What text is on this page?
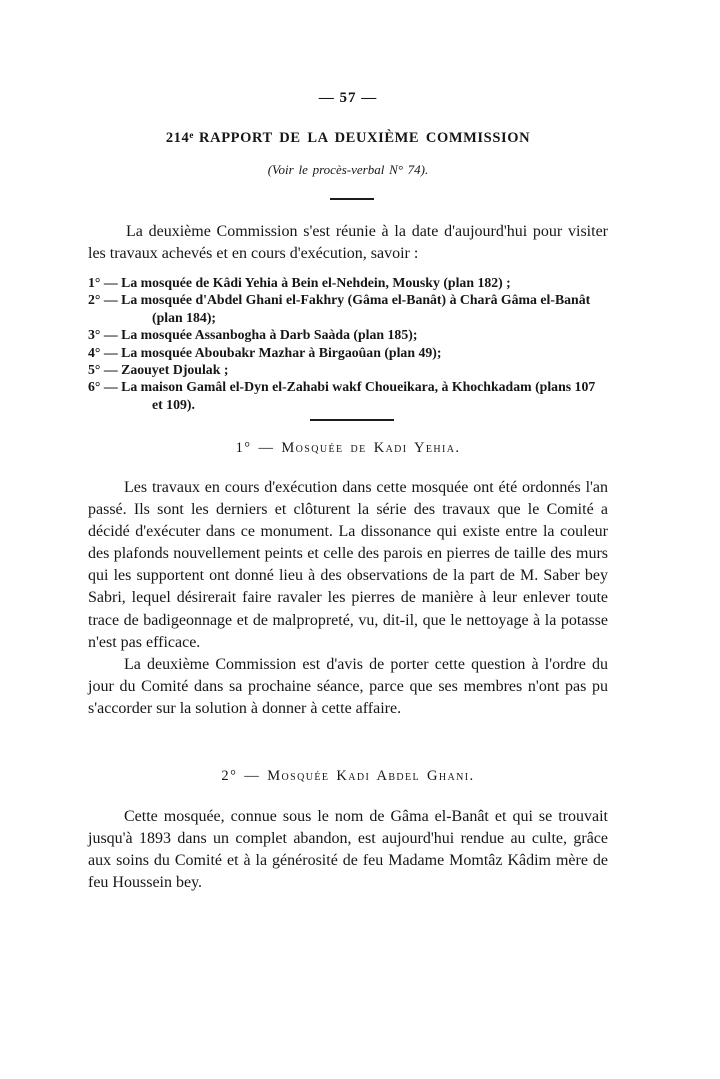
— 57 —
214e RAPPORT DE LA DEUXIÈME COMMISSION
(Voir le procès-verbal N° 74).

La deuxième Commission s'est réunie à la date d'aujourd'hui pour visiter les travaux achevés et en cours d'exécution, savoir :

1° — La mosquée de Kâdi Yehia à Bein el-Nehdein, Mousky (plan 182) ;
2° — La mosquée d'Abdel Ghani el-Fakhry (Gâma el-Banât) à Charâ Gâma el-Banât (plan 184);
3° — La mosquée Assanbogha à Darb Saàda (plan 185);
4° — La mosquée Aboubakr Mazhar à Birgaoûan (plan 49);
5° — Zaouyet Djoulak ;
6° — La maison Gamâl el-Dyn el-Zahabi wakf Choueikara, à Khochkadam (plans 107 et 109).
1° — Mosquée de Kadi Yehia.

Les travaux en cours d'exécution dans cette mosquée ont été ordonnés l'an passé. Ils sont les derniers et clôturent la série des travaux que le Comité a décidé d'exécuter dans ce monument. La dissonance qui existe entre la couleur des plafonds nouvellement peints et celle des parois en pierres de taille des murs qui les supportent ont donné lieu à des observations de la part de M. Saber bey Sabri, lequel désirerait faire ravaler les pierres de manière à leur enlever toute trace de badigeonnage et de malpropreté, vu, dit-il, que le nettoyage à la potasse n'est pas efficace.

La deuxième Commission est d'avis de porter cette question à l'ordre du jour du Comité dans sa prochaine séance, parce que ses membres n'ont pas pu s'accorder sur la solution à donner à cette affaire.

2° — Mosquée Kadi Abdel Ghani.

Cette mosquée, connue sous le nom de Gâma el-Banât et qui se trouvait jusqu'à 1893 dans un complet abandon, est aujourd'hui rendue au culte, grâce aux soins du Comité et à la générosité de feu Madame Momtâz Kâdim mère de feu Houssein bey.
